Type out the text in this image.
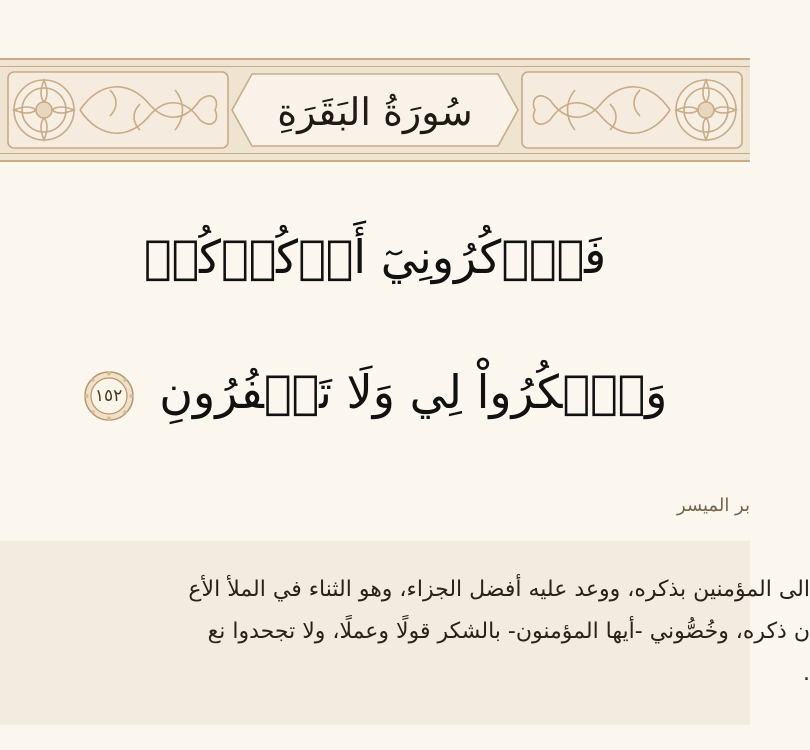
سُورَةُ البَقَرَةِ
فَٱذۡكُرُونِيٓ أَذۡكُرۡكُمۡ
وَٱشۡكُرُواْ لِي وَلَا تَكۡفُرُونِ
١٥٢
بر الميسر
الى المؤمنين بذكره، ووعد عليه أفضل الجزاء، وهو الثناء في الملأ الأع
ن ذكره، وخُصُّوني -أيها المؤمنون- بالشكر قولًا وعملًا، ولا تجحدوا نع
.
